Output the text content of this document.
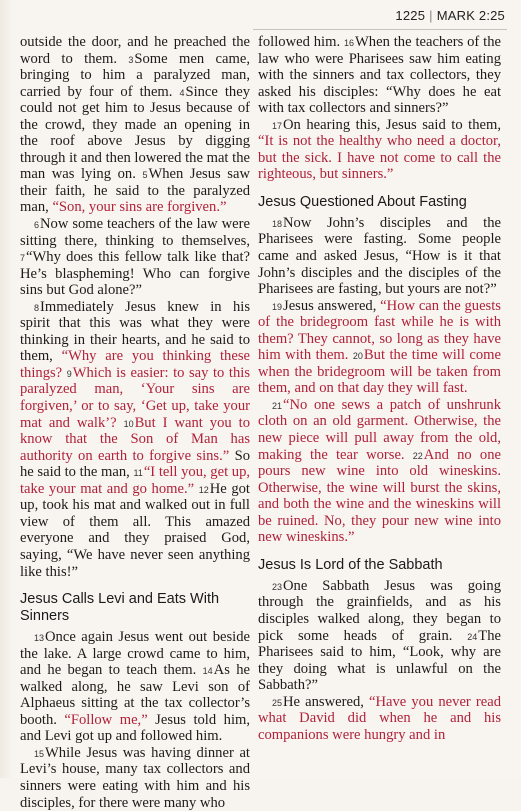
1225 | MARK 2:25

outside the door, and he preached the word to them. $^3$Some men came, bringing to him a paralyzed man, carried by four of them. $^4$Since they could not get him to Jesus because of the crowd, they made an opening in the roof above Jesus by digging through it and then lowered the mat the man was lying on. $^5$When Jesus saw their faith, he said to the paralyzed man, “Son, your sins are forgiven.”

$^6$Now some teachers of the law were sitting there, thinking to themselves, $^7$“Why does this fellow talk like that? He’s blaspheming! Who can forgive sins but God alone?”

$^8$Immediately Jesus knew in his spirit that this was what they were thinking in their hearts, and he said to them, “Why are you thinking these things? $^9$Which is easier: to say to this paralyzed man, ‘Your sins are forgiven,’ or to say, ‘Get up, take your mat and walk’? $^{10}$But I want you to know that the Son of Man has authority on earth to forgive sins.” So he said to the man, $^{11}$“I tell you, get up, take your mat and go home.” $^{12}$He got up, took his mat and walked out in full view of them all. This amazed everyone and they praised God, saying, “We have never seen anything like this!”

Jesus Calls Levi and Eats With Sinners

$^{13}$Once again Jesus went out beside the lake. A large crowd came to him, and he began to teach them. $^{14}$As he walked along, he saw Levi son of Alphaeus sitting at the tax collector’s booth. “Follow me,” Jesus told him, and Levi got up and followed him.

$^{15}$While Jesus was having dinner at Levi’s house, many tax collectors and sinners were eating with him and his disciples, for there were many who

followed him. $^{16}$When the teachers of the law who were Pharisees saw him eating with the sinners and tax collectors, they asked his disciples: “Why does he eat with tax collectors and sinners?”

$^{17}$On hearing this, Jesus said to them, “It is not the healthy who need a doctor, but the sick. I have not come to call the righteous, but sinners.”

Jesus Questioned About Fasting

$^{18}$Now John’s disciples and the Pharisees were fasting. Some people came and asked Jesus, “How is it that John’s disciples and the disciples of the Pharisees are fasting, but yours are not?”

$^{19}$Jesus answered, “How can the guests of the bridegroom fast while he is with them? They cannot, so long as they have him with them. $^{20}$But the time will come when the bridegroom will be taken from them, and on that day they will fast.

$^{21}$“No one sews a patch of unshrunk cloth on an old garment. Otherwise, the new piece will pull away from the old, making the tear worse. $^{22}$And no one pours new wine into old wineskins. Otherwise, the wine will burst the skins, and both the wine and the wineskins will be ruined. No, they pour new wine into new wineskins.”

Jesus Is Lord of the Sabbath

$^{23}$One Sabbath Jesus was going through the grainfields, and as his disciples walked along, they began to pick some heads of grain. $^{24}$The Pharisees said to him, “Look, why are they doing what is unlawful on the Sabbath?”

$^{25}$He answered, “Have you never read what David did when he and his companions were hungry and in
